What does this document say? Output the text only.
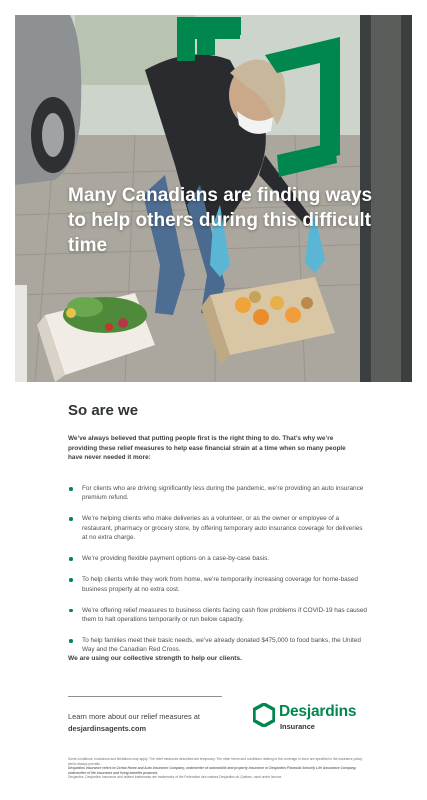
Many Canadians are finding ways to help others during this difficult time

So are we

We’ve always believed that putting people first is the right thing to do. That’s why we’re providing these relief measures to help ease financial strain at a time when so many people have never needed it more:

For clients who are driving significantly less during the pandemic, we’re providing an auto insurance premium refund.
We’re helping clients who make deliveries as a volunteer, or as the owner or employee of a restaurant, pharmacy or grocery store, by offering temporary auto insurance coverage for deliveries at no extra charge.
We’re providing flexible payment options on a case-by-case basis.
To help clients while they work from home, we’re temporarily increasing coverage for home-based business property at no extra cost.
We’re offering relief measures to business clients facing cash flow problems if COVID-19 has caused them to halt operations temporarily or run below capacity.
To help families meet their basic needs, we’ve already donated $475,000 to food banks, the United Way and the Canadian Red Cross.

We are using our collective strength to help our clients.

Learn more about our relief measures at
desjardinsagents.com

Desjardins
Insurance

Some conditions, exclusions and limitations may apply. The relief measures described are temporary. The other terms and conditions relating to the coverage in force are specified in the insurance policy, which always prevails.
Desjardins Insurance refers to Certas Home and Auto Insurance Company, underwriter of automobile and property insurance or Desjardins Financial Security Life Assurance Company, underwriter of life insurance and living benefits products.
Desjardins, Desjardins Insurance and related trademarks are trademarks of the Fédération des caisses Desjardins du Québec, used under licence.
